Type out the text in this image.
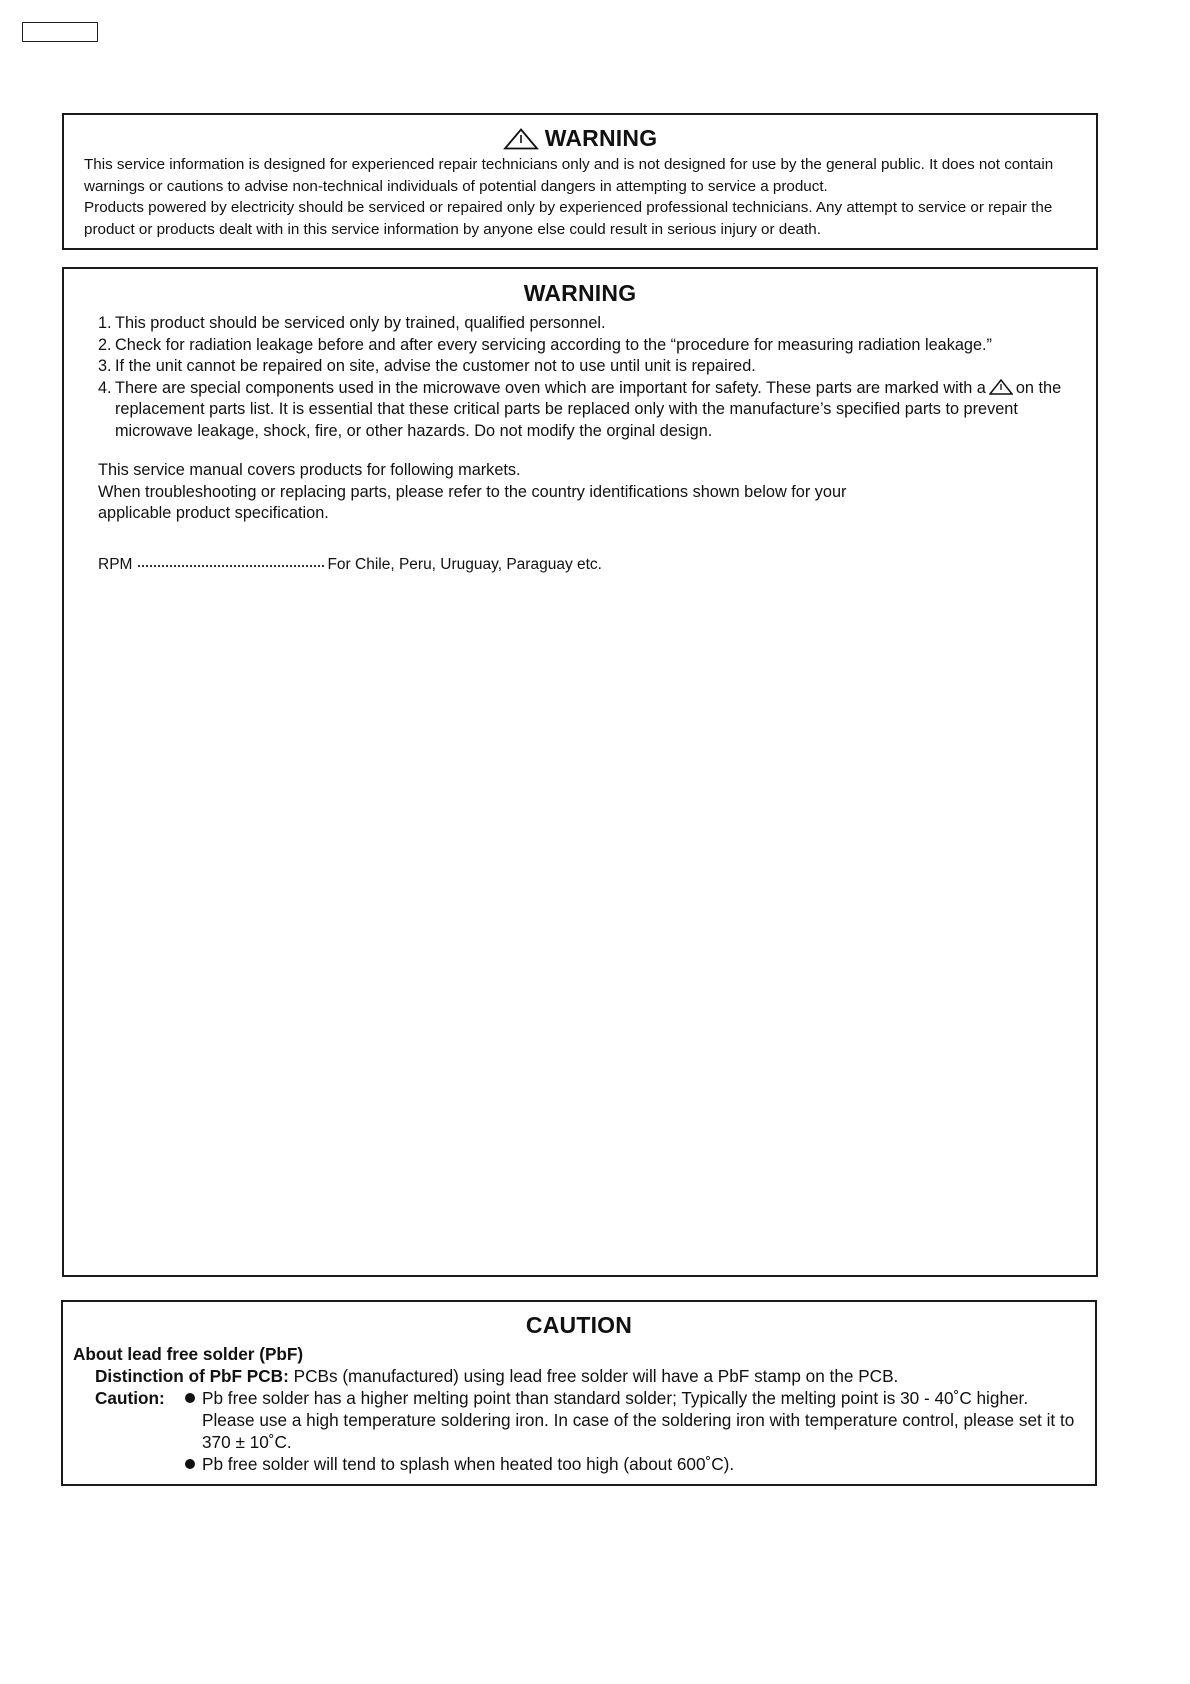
WARNING

This service information is designed for experienced repair technicians only and is not designed for use by the general public. It does not contain warnings or cautions to advise non-technical individuals of potential dangers in attempting to service a product.

Products powered by electricity should be serviced or repaired only by experienced professional technicians. Any attempt to service or repair the product or products dealt with in this service information by anyone else could result in serious injury or death.

WARNING
1. This product should be serviced only by trained, qualified personnel.
2. Check for radiation leakage before and after every servicing according to the “procedure for measuring radiation leakage.”
3. If the unit cannot be repaired on site, advise the customer not to use until unit is repaired.
4. There are special components used in the microwave oven which are important for safety. These parts are marked with a on the replacement parts list. It is essential that these critical parts be replaced only with the manufacture’s specified parts to prevent microwave leakage, shock, fire, or other hazards. Do not modify the orginal design.

This service manual covers products for following markets.

When troubleshooting or replacing parts, please refer to the country identifications shown below for your applicable product specification.

RPM	For Chile, Peru, Uruguay, Paraguay etc.
CAUTION
About lead free solder (PbF)
Distinction of PbF PCB: PCBs (manufactured) using lead free solder will have a PbF stamp on the PCB.
Caution: Pb free solder has a higher melting point than standard solder; Typically the melting point is 30 - 40˚C higher. Please use a high temperature soldering iron. In case of the soldering iron with temperature control, please set it to 370 ± 10˚C.
Pb free solder will tend to splash when heated too high (about 600˚C).
